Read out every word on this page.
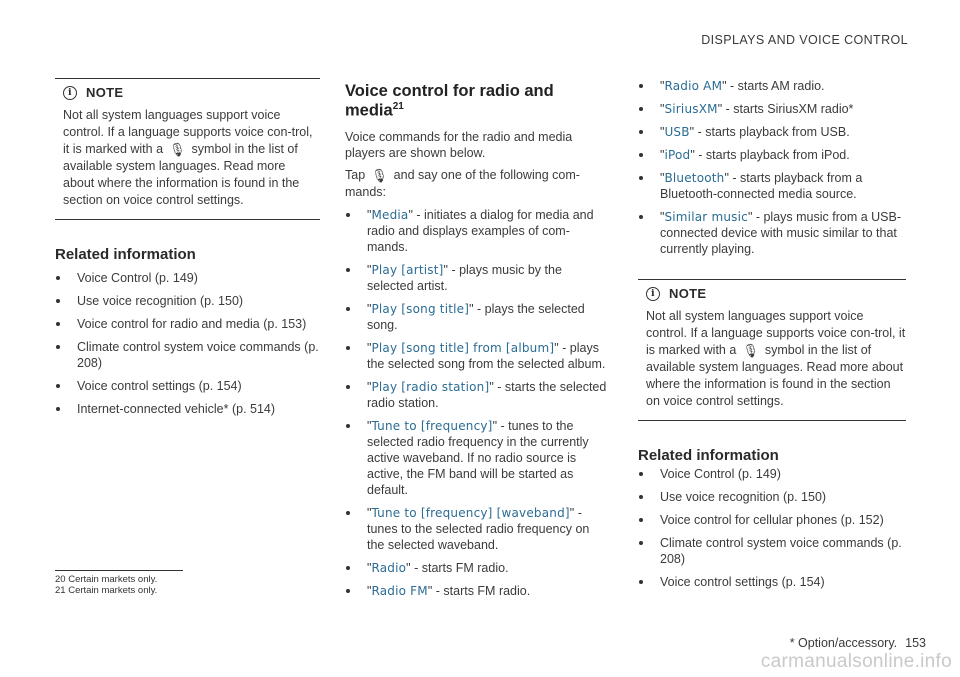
DISPLAYS AND VOICE CONTROL
i	NOTE
Not all system languages support voice control. If a language supports voice con-trol, it is marked with a 🎙 symbol in the list of available system languages. Read more about where the information is found in the section on voice control settings.
Related information
Voice Control (p. 149)
Use voice recognition (p. 150)
Voice control for radio and media (p. 153)
Climate control system voice commands (p. 208)
Voice control settings (p. 154)
Internet-connected vehicle* (p. 514)
Voice control for radio and media$^{21}$
Voice commands for the radio and media players are shown below.
Tap 🎙 and say one of the following com-mands:
"Media" - initiates a dialog for media and radio and displays examples of com-mands.
"Play [artist]" - plays music by the selected artist.
"Play [song title]" - plays the selected song.
"Play [song title] from [album]" - plays the selected song from the selected album.
"Play [radio station]" - starts the selected radio station.
"Tune to [frequency]" - tunes to the selected radio frequency in the currently active waveband. If no radio source is active, the FM band will be started as default.
"Tune to [frequency] [waveband]" - tunes to the selected radio frequency on the selected waveband.
"Radio" - starts FM radio.
"Radio FM" - starts FM radio.
"Radio AM" - starts AM radio.
"SiriusXM" - starts SiriusXM radio*
"USB" - starts playback from USB.
"iPod" - starts playback from iPod.
"Bluetooth" - starts playback from a Bluetooth-connected media source.
"Similar music" - plays music from a USB-connected device with music similar to that currently playing.
i	NOTE
Not all system languages support voice control. If a language supports voice con-trol, it is marked with a 🎙 symbol in the list of available system languages. Read more about where the information is found in the section on voice control settings.
Related information
Voice Control (p. 149)
Use voice recognition (p. 150)
Voice control for cellular phones (p. 152)
Climate control system voice commands (p. 208)
Voice control settings (p. 154)
20 Certain markets only.
21 Certain markets only.
* Option/accessory. 153
carmanualsonline.info
